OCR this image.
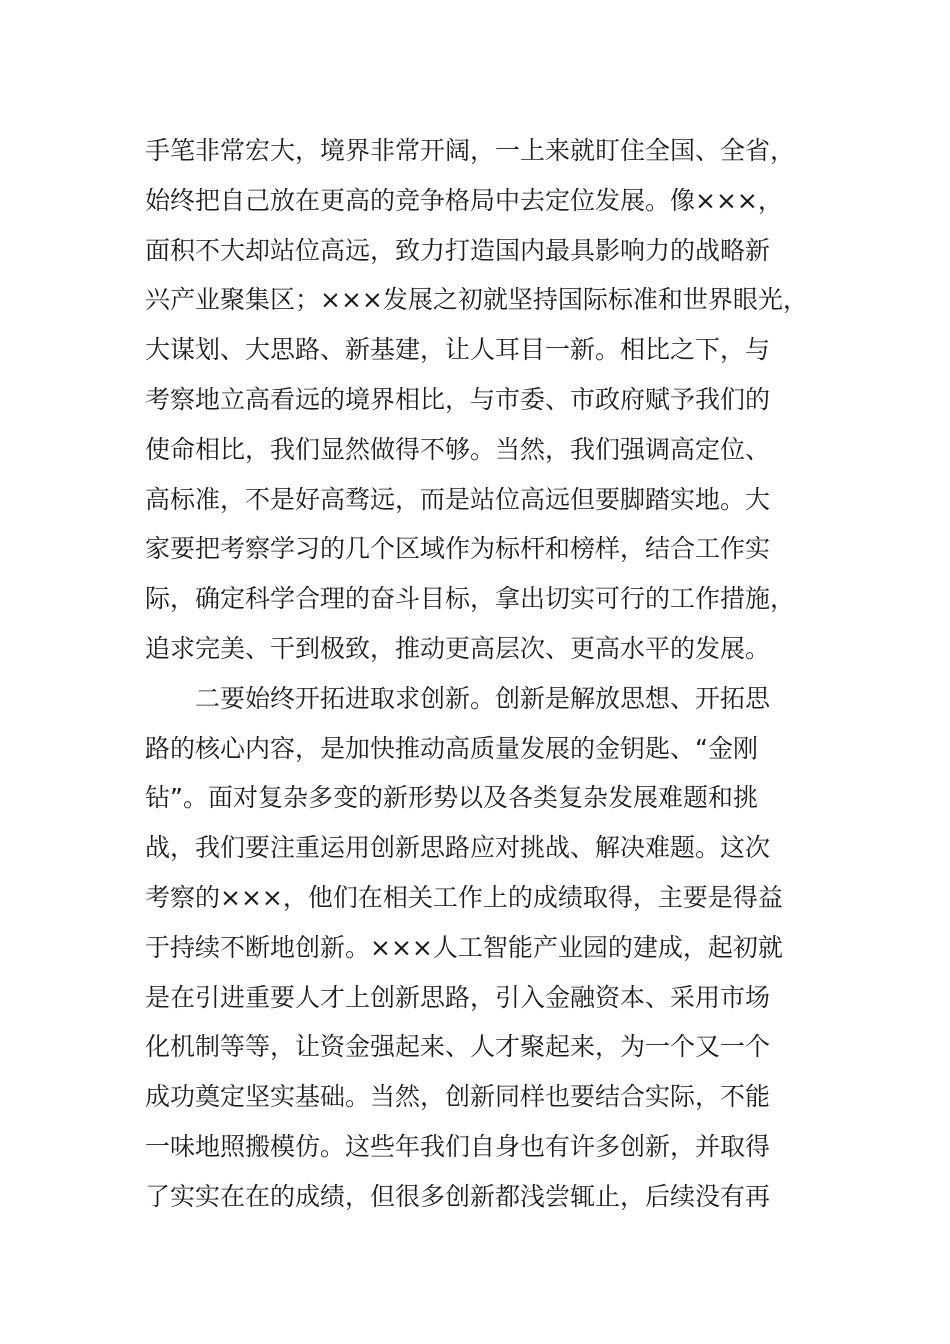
手笔非常宏大，境界非常开阔，一上来就盯住全国、全省，
始终把自己放在更高的竞争格局中去定位发展。像×××，
面积不大却站位高远，致力打造国内最具影响力的战略新
兴产业聚集区；×××发展之初就坚持国际标准和世界眼光，
大谋划、大思路、新基建，让人耳目一新。相比之下，与
考察地立高看远的境界相比，与市委、市政府赋予我们的
使命相比，我们显然做得不够。当然，我们强调高定位、
高标准，不是好高骛远，而是站位高远但要脚踏实地。大
家要把考察学习的几个区域作为标杆和榜样，结合工作实
际，确定科学合理的奋斗目标，拿出切实可行的工作措施，
追求完美、干到极致，推动更高层次、更高水平的发展。
　　二要始终开拓进取求创新。创新是解放思想、开拓思
路的核心内容，是加快推动高质量发展的金钥匙、“金刚
钻”。面对复杂多变的新形势以及各类复杂发展难题和挑
战，我们要注重运用创新思路应对挑战、解决难题。这次
考察的×××，他们在相关工作上的成绩取得，主要是得益
于持续不断地创新。×××人工智能产业园的建成，起初就
是在引进重要人才上创新思路，引入金融资本、采用市场
化机制等等，让资金强起来、人才聚起来，为一个又一个
成功奠定坚实基础。当然，创新同样也要结合实际，不能
一味地照搬模仿。这些年我们自身也有许多创新，并取得
了实实在在的成绩，但很多创新都浅尝辄止，后续没有再
